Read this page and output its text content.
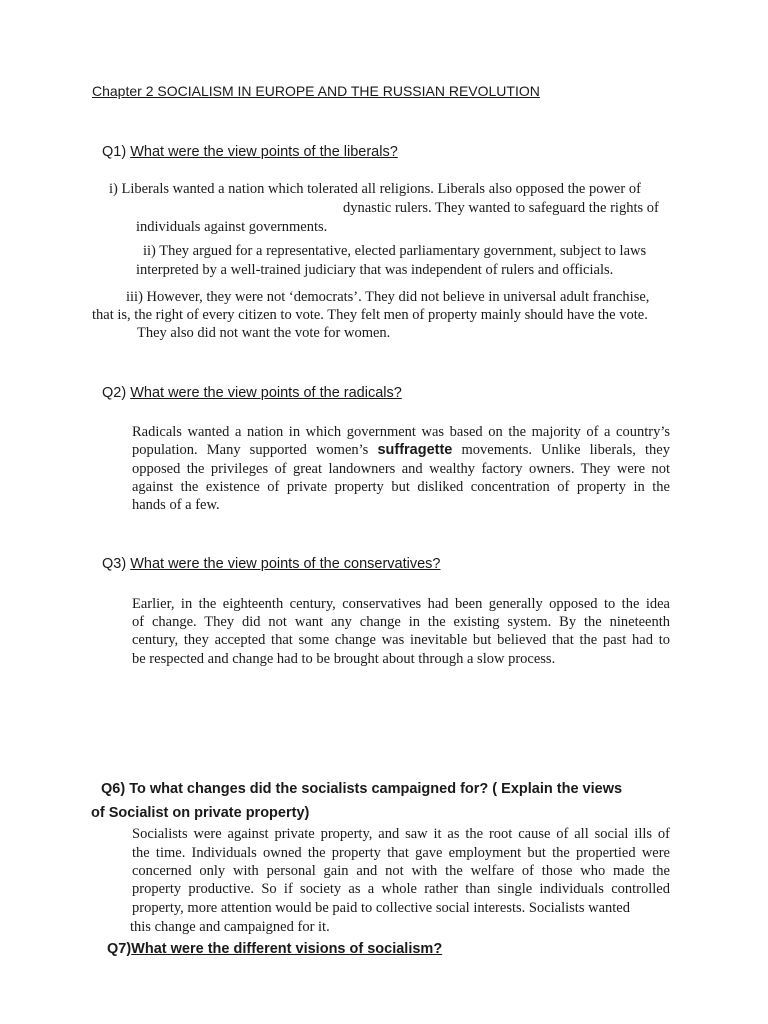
Chapter 2 SOCIALISM IN EUROPE AND THE RUSSIAN REVOLUTION
Q1) What were the view points of the liberals?
i) Liberals wanted a nation which tolerated all religions. Liberals also opposed the power of
dynastic rulers. They wanted to safeguard the rights of
individuals against governments.
ii) They argued for a representative, elected parliamentary government, subject to laws
interpreted by a well-trained judiciary that was independent of rulers and officials.
iii) However, they were not ‘democrats’. They did not believe in universal adult franchise,
that is, the right of every citizen to vote. They felt men of property mainly should have the vote.
They also did not want the vote for women.
Q2) What were the view points of the radicals?
Radicals wanted a nation in which government was based on the majority of a country’s
population. Many supported women’s suffragette movements. Unlike liberals, they
opposed the privileges of great landowners and wealthy factory owners. They were not
against the existence of private property but disliked concentration of property in the
hands of a few.
Q3) What were the view points of the conservatives?
Earlier, in the eighteenth century, conservatives had been generally opposed to the idea
of change. They did not want any change in the existing system. By the nineteenth
century, they accepted that some change was inevitable but believed that the past had to
be respected and change had to be brought about through a slow process.
Q6) To what changes did the socialists campaigned for? ( Explain the views
of Socialist on private property)
Socialists were against private property, and saw it as the root cause of all social ills of
the time. Individuals owned the property that gave employment but the propertied were
concerned only with personal gain and not with the welfare of those who made the
property productive. So if society as a whole rather than single individuals controlled
property, more attention would be paid to collective social interests. Socialists wanted
this change and campaigned for it.
Q7)What were the different visions of socialism?
